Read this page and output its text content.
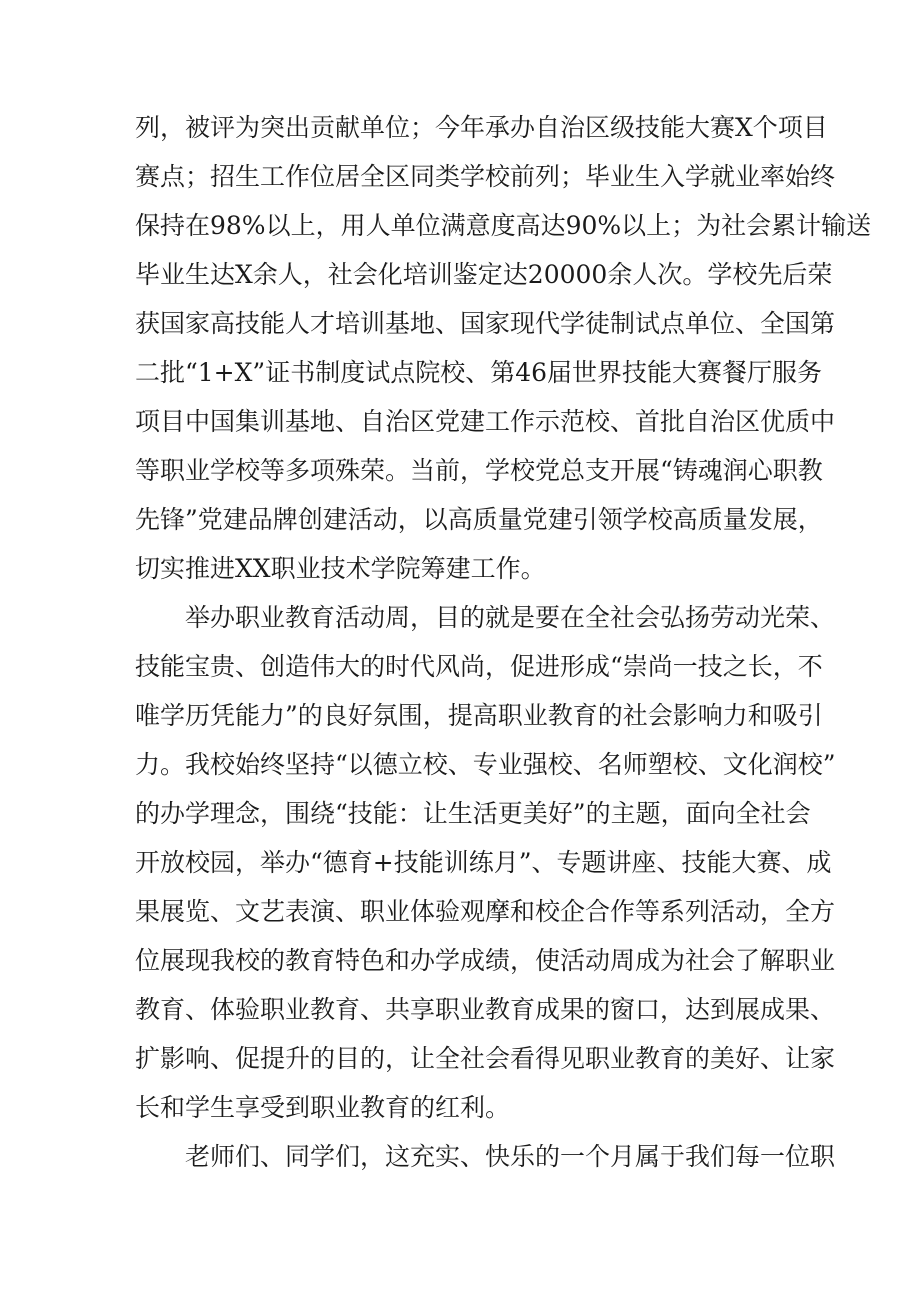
列，被评为突出贡献单位；今年承办自治区级技能大赛X个项目
赛点；招生工作位居全区同类学校前列；毕业生入学就业率始终
保持在98%以上，用人单位满意度高达90%以上；为社会累计输送
毕业生达X余人，社会化培训鉴定达20000余人次。学校先后荣
获国家高技能人才培训基地、国家现代学徒制试点单位、全国第
二批“1+X”证书制度试点院校、第46届世界技能大赛餐厅服务
项目中国集训基地、自治区党建工作示范校、首批自治区优质中
等职业学校等多项殊荣。当前，学校党总支开展“铸魂润心职教
先锋”党建品牌创建活动，以高质量党建引领学校高质量发展，
切实推进XX职业技术学院筹建工作。
举办职业教育活动周，目的就是要在全社会弘扬劳动光荣、
技能宝贵、创造伟大的时代风尚，促进形成“崇尚一技之长，不
唯学历凭能力”的良好氛围，提高职业教育的社会影响力和吸引
力。我校始终坚持“以德立校、专业强校、名师塑校、文化润校”
的办学理念，围绕“技能：让生活更美好”的主题，面向全社会
开放校园，举办“德育+技能训练月”、专题讲座、技能大赛、成
果展览、文艺表演、职业体验观摩和校企合作等系列活动，全方
位展现我校的教育特色和办学成绩，使活动周成为社会了解职业
教育、体验职业教育、共享职业教育成果的窗口，达到展成果、
扩影响、促提升的目的，让全社会看得见职业教育的美好、让家
长和学生享受到职业教育的红利。
老师们、同学们，这充实、快乐的一个月属于我们每一位职
